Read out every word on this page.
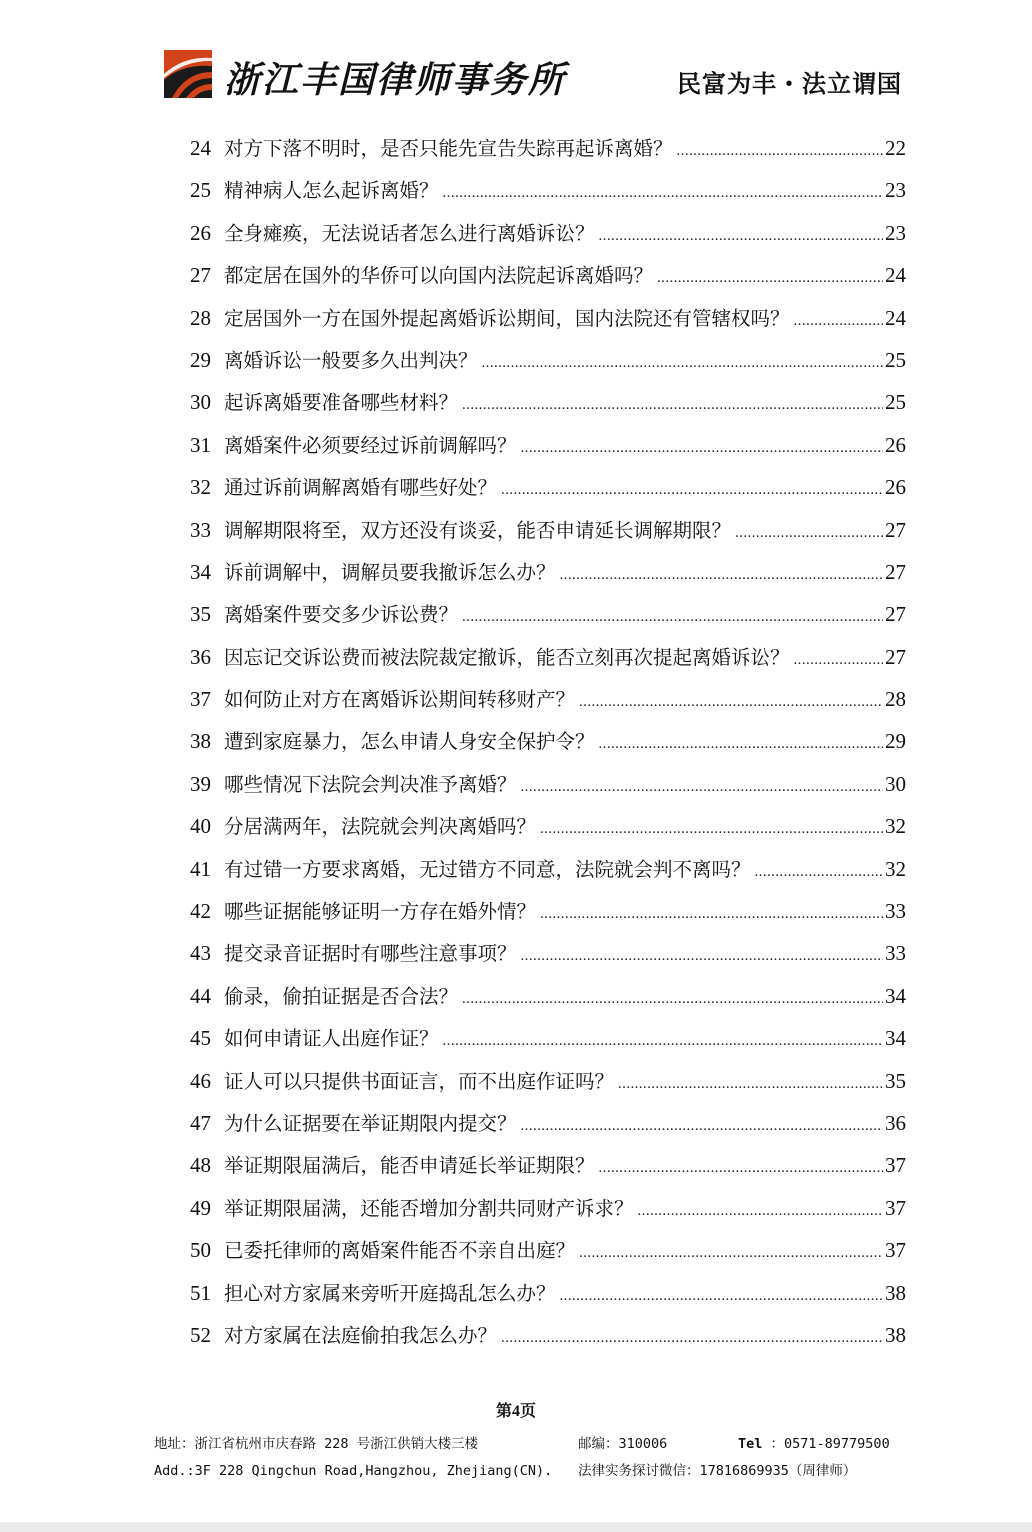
浙江丰国律师事务所	民富为丰・法立谓国
24 对方下落不明时，是否只能先宣告失踪再起诉离婚？ .....	22
25 精神病人怎么起诉离婚？ .....	23
26 全身瘫痪，无法说话者怎么进行离婚诉讼？ .....	23
27 都定居在国外的华侨可以向国内法院起诉离婚吗？ .....	24
28 定居国外一方在国外提起离婚诉讼期间，国内法院还有管辖权吗？ .....	24
29 离婚诉讼一般要多久出判决？ .....	25
30 起诉离婚要准备哪些材料？ .....	25
31 离婚案件必须要经过诉前调解吗？ .....	26
32 通过诉前调解离婚有哪些好处？ .....	26
33 调解期限将至，双方还没有谈妥，能否申请延长调解期限？ .....	27
34 诉前调解中，调解员要我撤诉怎么办？ .....	27
35 离婚案件要交多少诉讼费？ .....	27
36 因忘记交诉讼费而被法院裁定撤诉，能否立刻再次提起离婚诉讼？ .....	27
37 如何防止对方在离婚诉讼期间转移财产？ .....	28
38 遭到家庭暴力，怎么申请人身安全保护令？ .....	29
39 哪些情况下法院会判决准予离婚？ .....	30
40 分居满两年，法院就会判决离婚吗？ .....	32
41 有过错一方要求离婚，无过错方不同意，法院就会判不离吗？ .....	32
42 哪些证据能够证明一方存在婚外情？ .....	33
43 提交录音证据时有哪些注意事项？ .....	33
44 偷录，偷拍证据是否合法？ .....	34
45 如何申请证人出庭作证？ .....	34
46 证人可以只提供书面证言，而不出庭作证吗？ .....	35
47 为什么证据要在举证期限内提交？ .....	36
48 举证期限届满后，能否申请延长举证期限？ .....	37
49 举证期限届满，还能否增加分割共同财产诉求？ .....	37
50 已委托律师的离婚案件能否不亲自出庭？ .....	37
51 担心对方家属来旁听开庭捣乱怎么办？ .....	38
52 对方家属在法庭偷拍我怎么办？ .....	38
第4页
地址：浙江省杭州市庆春路 228 号浙江供销大楼三楼	邮编：310006	Tel ：0571-89779500
Add.:3F 228 Qingchun Road,Hangzhou, Zhejiang(CN). 法律实务探讨微信：17816869935（周律师）
